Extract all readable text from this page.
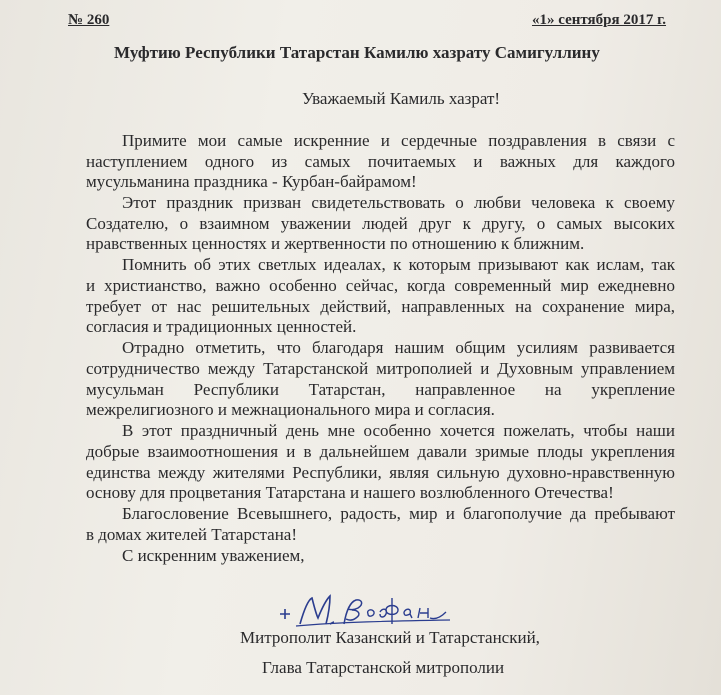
№ 260	«1» сентября 2017 г.
Муфтию Республики Татарстан Камилю хазрату Самигуллину
Уважаемый Камиль хазрат!
Примите мои самые искренние и сердечные поздравления в связи с
наступлением одного из самых почитаемых и важных для каждого
мусульманина праздника - Курбан-байрамом!
Этот праздник призван свидетельствовать о любви человека к своему
Создателю, о взаимном уважении людей друг к другу, о самых высоких
нравственных ценностях и жертвенности по отношению к ближним.
Помнить об этих светлых идеалах, к которым призывают как ислам, так
и христианство, важно особенно сейчас, когда современный мир ежедневно
требует от нас решительных действий, направленных на сохранение мира,
согласия и традиционных ценностей.
Отрадно отметить, что благодаря нашим общим усилиям развивается
сотрудничество между Татарстанской митрополией и Духовным управлением
мусульман Республики Татарстан, направленное на укрепление
межрелигиозного и межнационального мира и согласия.
В этот праздничный день мне особенно хочется пожелать, чтобы наши
добрые взаимоотношения и в дальнейшем давали зримые плоды укрепления
единства между жителями Республики, являя сильную духовно-нравственную
основу для процветания Татарстана и нашего возлюбленного Отечества!
Благословение Всевышнего, радость, мир и благополучие да пребывают
в домах жителей Татарстана!
С искренним уважением,
Митрополит Казанский и Татарстанский,
Глава Татарстанской митрополии
